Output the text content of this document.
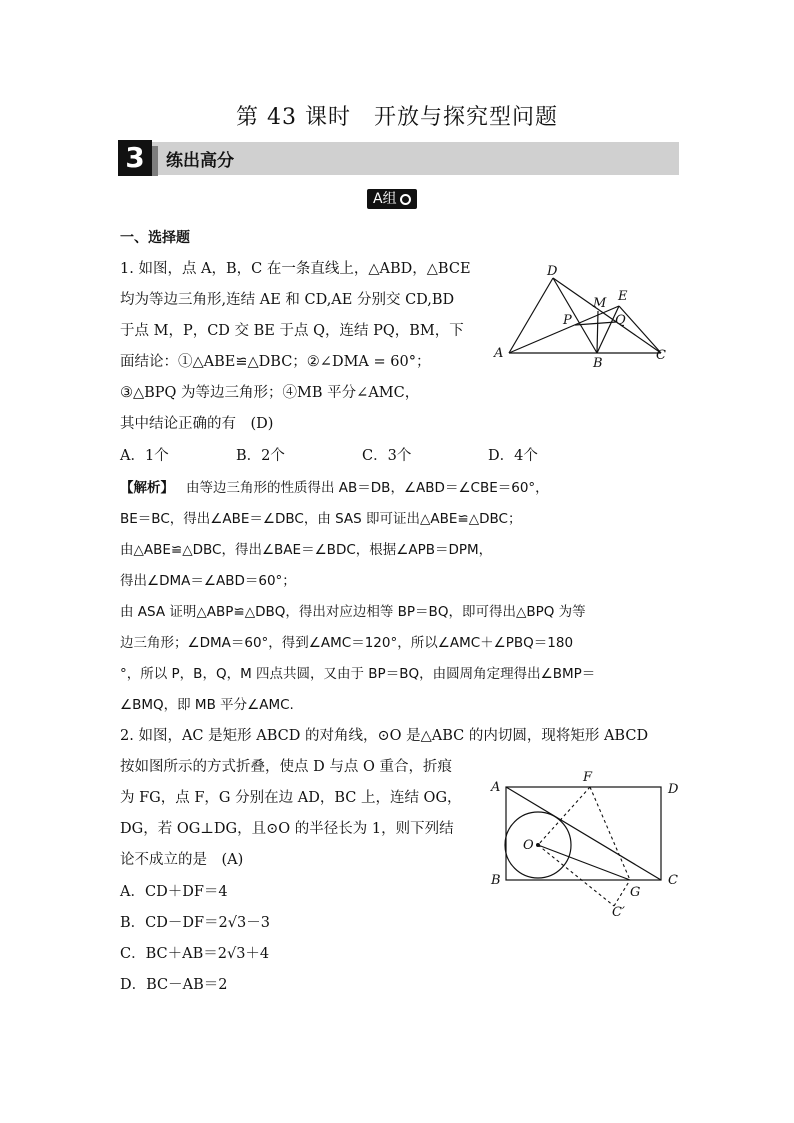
第 43 课时　开放与探究型问题
3	练出高分
A组
一、选择题
1. 如图，点 A，B，C 在一条直线上，△ABD，△BCE
均为等边三角形,连结 AE 和 CD,AE 分别交 CD,BD
于点 M，P，CD 交 BE 于点 Q，连结 PQ，BM，下
面结论：①△ABE≌△DBC；②∠DMA = 60°；
③△BPQ 为等边三角形；④MB 平分∠AMC，
其中结论正确的有　(D)
A．1个	B．2个	C．3个	D．4个
D
M E
P	Q
A
B
C
【解析】 由等边三角形的性质得出 AB＝DB，∠ABD＝∠CBE＝60°，
BE＝BC，得出∠ABE＝∠DBC，由 SAS 即可证出△ABE≌△DBC；
由△ABE≌△DBC，得出∠BAE＝∠BDC，根据∠APB＝DPM，
得出∠DMA＝∠ABD＝60°；
由 ASA 证明△ABP≌△DBQ，得出对应边相等 BP＝BQ，即可得出△BPQ 为等
边三角形；∠DMA＝60°，得到∠AMC＝120°，所以∠AMC＋∠PBQ＝180
°，所以 P，B，Q，M 四点共圆，又由于 BP＝BQ，由圆周角定理得出∠BMP＝
∠BMQ，即 MB 平分∠AMC.
2. 如图，AC 是矩形 ABCD 的对角线，⊙O 是△ABC 的内切圆，现将矩形 ABCD
按如图所示的方式折叠，使点 D 与点 O 重合，折痕
为 FG，点 F，G 分别在边 AD，BC 上，连结 OG，
DG，若 OG⊥DG，且⊙O 的半径长为 1，则下列结
论不成立的是　(A)
A．CD＋DF＝4
B．CD－DF＝2√3－3
C．BC＋AB＝2√3＋4
D．BC－AB＝2
F
A	D
O
B	C
G
C′
